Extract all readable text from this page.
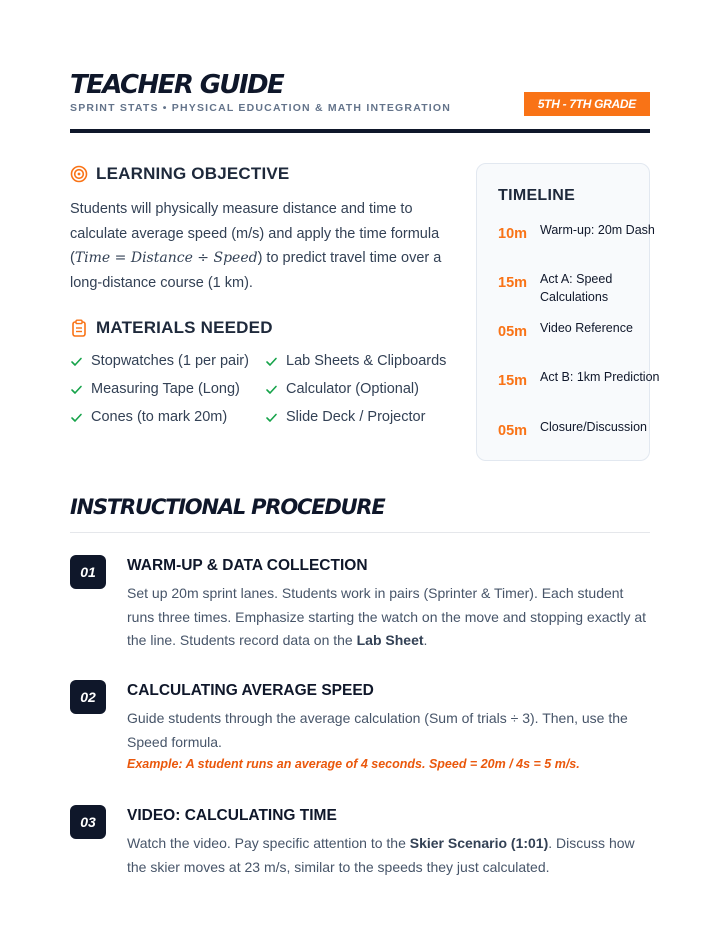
TEACHER GUIDE
SPRINT STATS • PHYSICAL EDUCATION & MATH INTEGRATION	5TH - 7TH GRADE
LEARNING OBJECTIVE
Students will physically measure distance and time to calculate average speed (m/s) and apply the time formula (Time = Distance ÷ Speed) to predict travel time over a long-distance course (1 km).
MATERIALS NEEDED
Stopwatches (1 per pair)	Lab Sheets & Clipboards
Measuring Tape (Long)	Calculator (Optional)
Cones (to mark 20m)	Slide Deck / Projector
TIMELINE
10m Warm-up: 20m Dash
15m Act A: Speed Calculations
05m Video Reference
15m Act B: 1km Prediction
05m Closure/Discussion
INSTRUCTIONAL PROCEDURE
01	WARM-UP & DATA COLLECTION
Set up 20m sprint lanes. Students work in pairs (Sprinter & Timer). Each student runs three times. Emphasize starting the watch on the move and stopping exactly at the line. Students record data on the Lab Sheet.
02	CALCULATING AVERAGE SPEED
Guide students through the average calculation (Sum of trials ÷ 3). Then, use the Speed formula.
Example: A student runs an average of 4 seconds. Speed = 20m / 4s = 5 m/s.
03	VIDEO: CALCULATING TIME
Watch the video. Pay specific attention to the Skier Scenario (1:01). Discuss how the skier moves at 23 m/s, similar to the speeds they just calculated.
